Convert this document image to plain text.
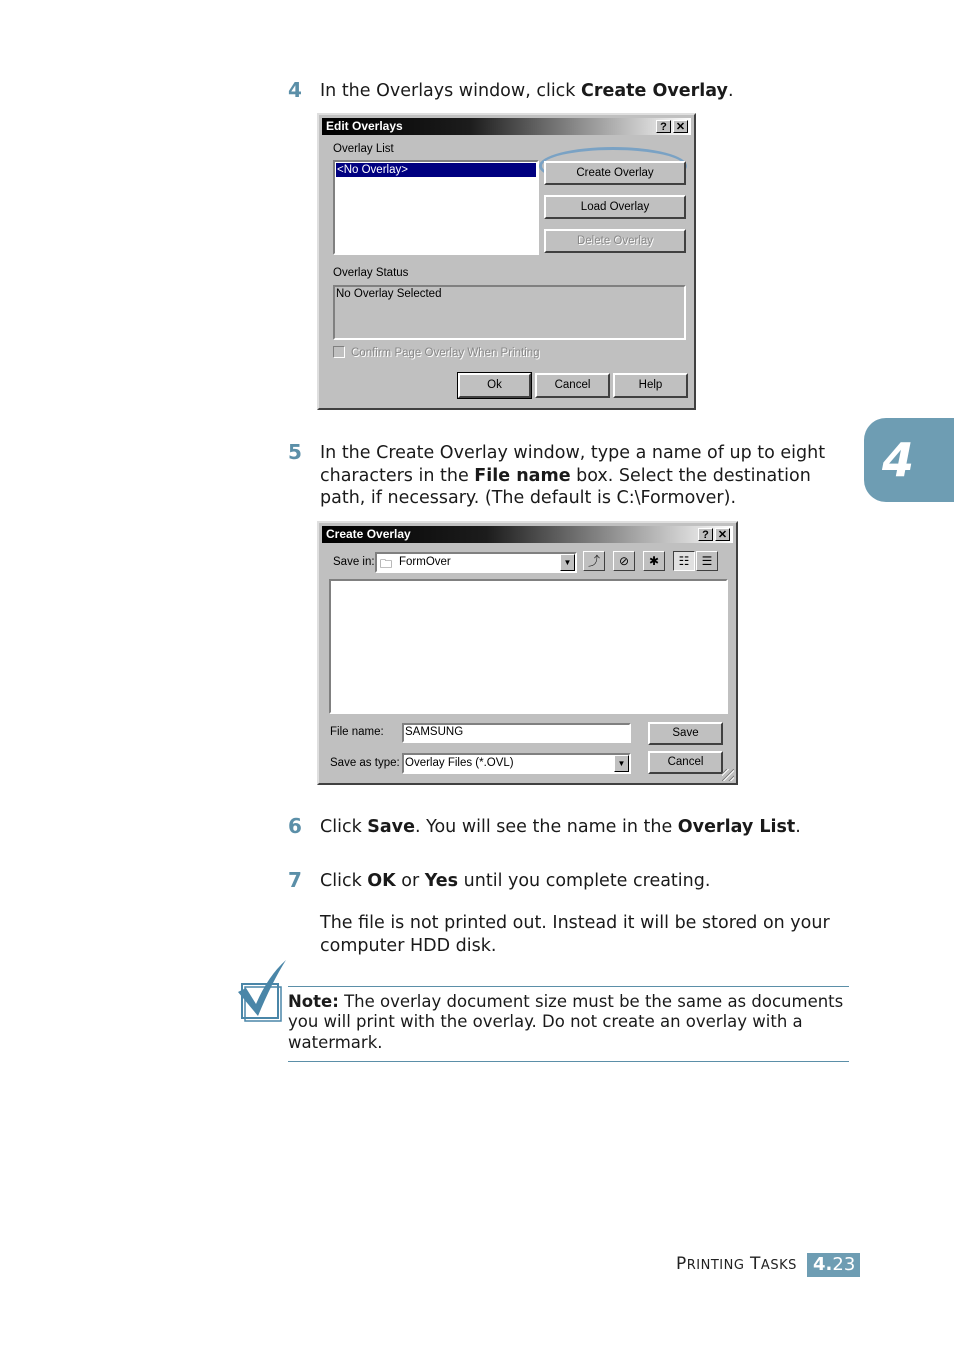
4 In the Overlays window, click Create Overlay.
Edit Overlays	? ✕
Overlay List
<No Overlay>	Create Overlay
Load Overlay
Delete Overlay
Overlay Status
No Overlay Selected
Confirm Page Overlay When Printing
Ok	Cancel	Help
4
5 In the Create Overlay window, type a name of up to eight characters in the File name box. Select the destination path, if necessary. (The default is C:\Formover).
Create Overlay	? ✕
Save in: 🗀 FormOver	▼	⤴	⊘	✱	☷	☰
File name: SAMSUNG
Save as type: Overlay Files (*.OVL)	▼
Save
Cancel
6 Click Save. You will see the name in the Overlay List.
7 Click OK or Yes until you complete creating.
The file is not printed out. Instead it will be stored on your computer HDD disk.
Note: The overlay document size must be the same as documents you will print with the overlay. Do not create an overlay with a watermark.
PRINTING TASKS 4.23
